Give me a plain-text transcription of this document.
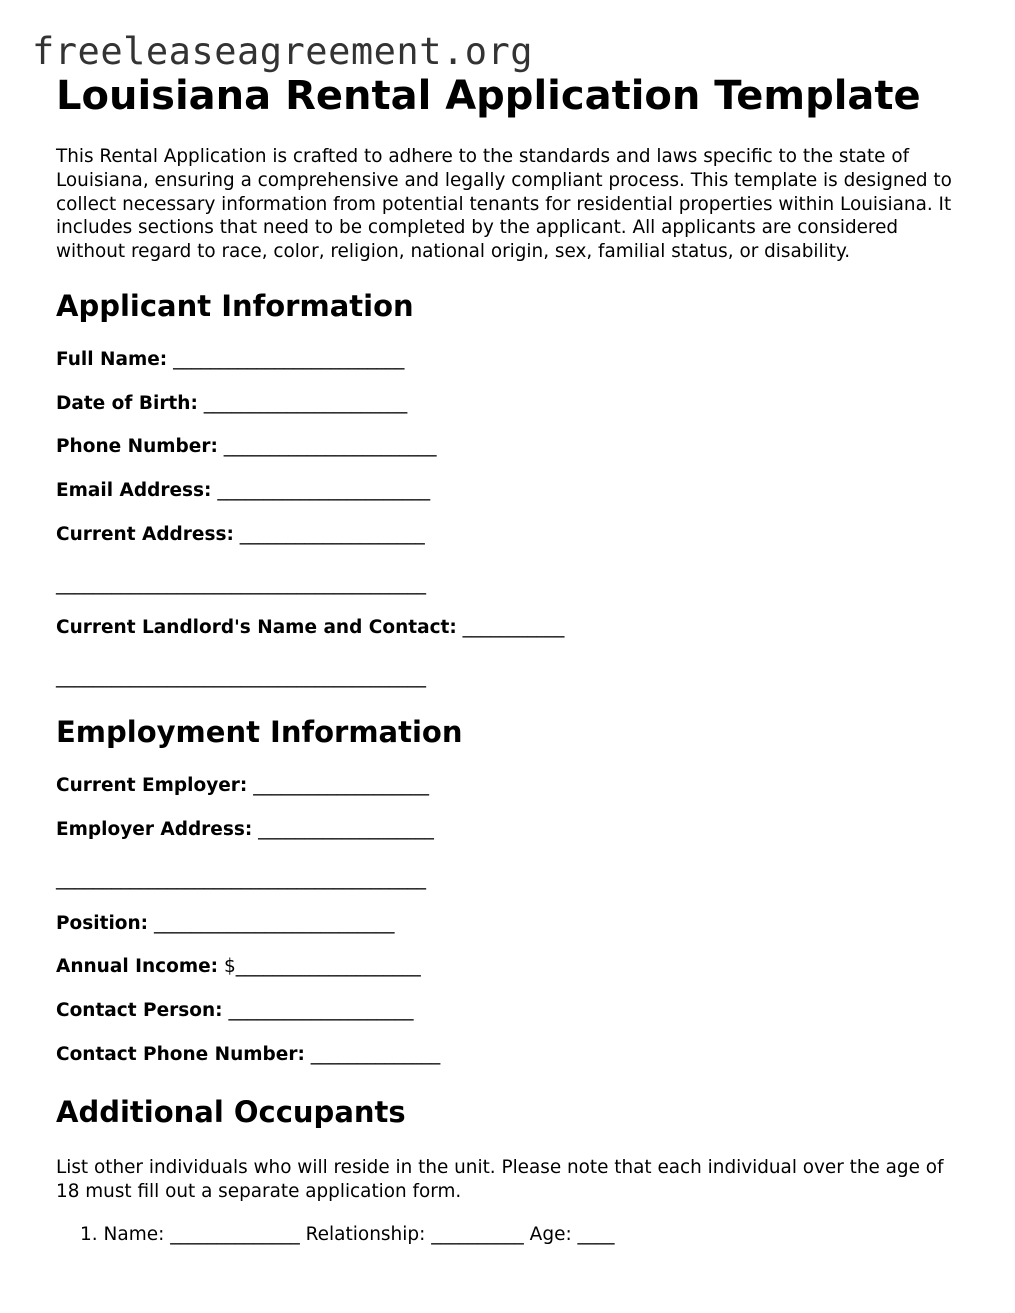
freeleaseagreement.org
Louisiana Rental Application Template

This Rental Application is crafted to adhere to the standards and laws specific to the state of Louisiana, ensuring a comprehensive and legally compliant process. This template is designed to collect necessary information from potential tenants for residential properties within Louisiana. It includes sections that need to be completed by the applicant. All applicants are considered without regard to race, color, religion, national origin, sex, familial status, or disability.

Applicant Information
Full Name: _________________________
Date of Birth: ______________________
Phone Number: _______________________
Email Address: _______________________
Current Address: ____________________
________________________________________
Current Landlord's Name and Contact: ___________
________________________________________
Employment Information
Current Employer: ___________________
Employer Address: ___________________
________________________________________
Position: __________________________
Annual Income: $____________________
Contact Person: ____________________
Contact Phone Number: ______________
Additional Occupants

List other individuals who will reside in the unit. Please note that each individual over the age of 18 must fill out a separate application form.

1. Name: ______________ Relationship: __________ Age: ____
